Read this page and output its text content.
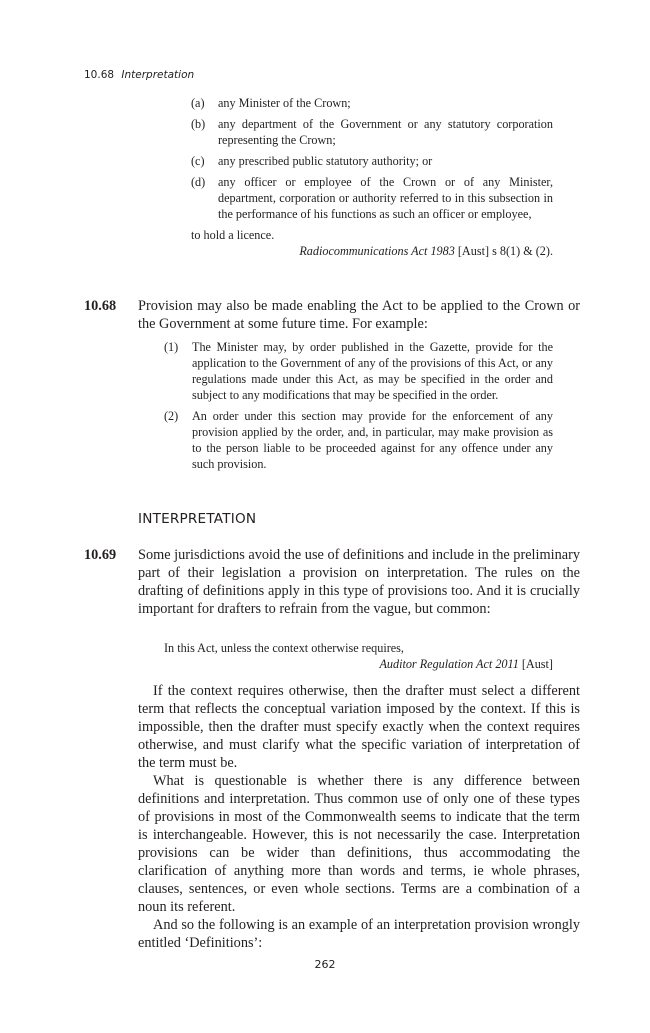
10.68 Interpretation
(a) any Minister of the Crown;
(b) any department of the Government or any statutory corporation representing the Crown;
(c) any prescribed public statutory authority; or
(d) any officer or employee of the Crown or of any Minister, department, corporation or authority referred to in this subsection in the performance of his functions as such an officer or employee,

to hold a licence.

Radiocommunications Act 1983 [Aust] s 8(1) & (2).

10.68 Provision may also be made enabling the Act to be applied to the Crown or the Government at some future time. For example:

(1) The Minister may, by order published in the Gazette, provide for the application to the Government of any of the provisions of this Act, or any regulations made under this Act, as may be specified in the order and subject to any modifications that may be specified in the order.
(2) An order under this section may provide for the enforcement of any provision applied by the order, and, in particular, may make provision as to the person liable to be proceeded against for any offence under any such provision.
INTERPRETATION
10.69 Some jurisdictions avoid the use of definitions and include in the preliminary part of their legislation a provision on interpretation. The rules on the drafting of definitions apply in this type of provisions too. And it is crucially important for drafters to refrain from the vague, but common:

In this Act, unless the context otherwise requires,

Auditor Regulation Act 2011 [Aust]

If the context requires otherwise, then the drafter must select a different term that reflects the conceptual variation imposed by the context. If this is impossible, then the drafter must specify exactly when the context requires otherwise, and must clarify what the specific variation of interpretation of the term must be.

What is questionable is whether there is any difference between definitions and interpretation. Thus common use of only one of these types of provisions in most of the Commonwealth seems to indicate that the term is interchangeable. However, this is not necessarily the case. Interpretation provisions can be wider than definitions, thus accommodating the clarification of anything more than words and terms, ie whole phrases, clauses, sentences, or even whole sections. Terms are a combination of a noun its referent.

And so the following is an example of an interpretation provision wrongly entitled ‘Definitions’:

262
